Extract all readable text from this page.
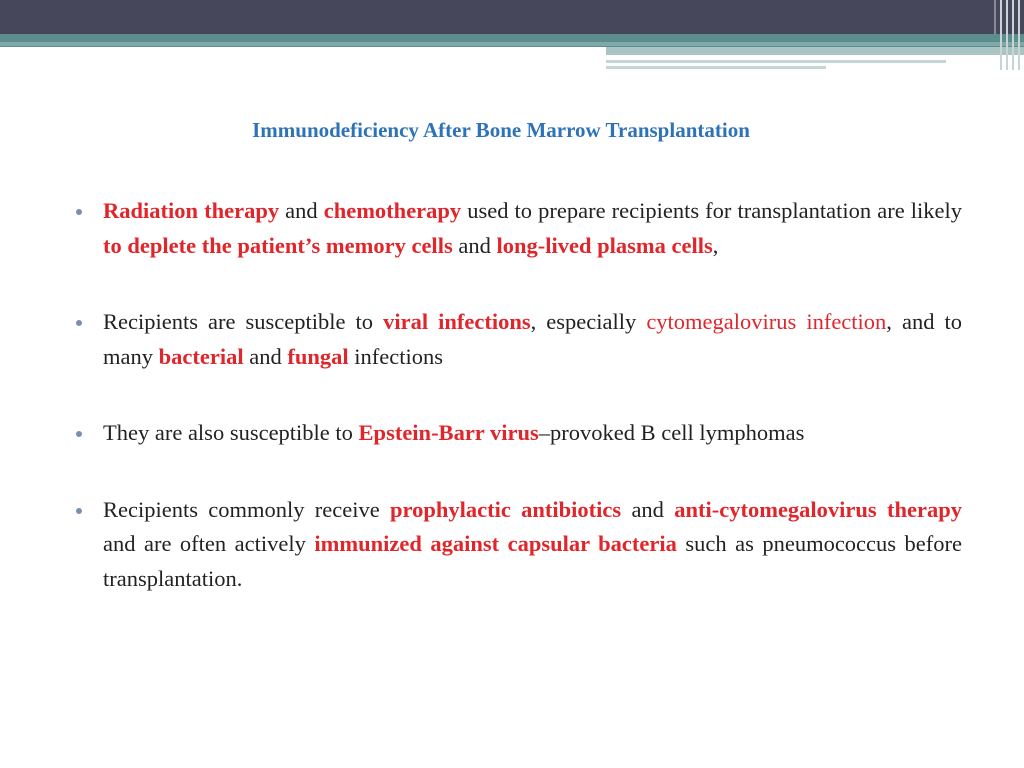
Immunodeficiency After Bone Marrow Transplantation
Radiation therapy and chemotherapy used to prepare recipients for transplantation are likely to deplete the patient’s memory cells and long-lived plasma cells,
Recipients are susceptible to viral infections, especially cytomegalovirus infection, and to many bacterial and fungal infections
They are also susceptible to Epstein-Barr virus–provoked B cell lymphomas
Recipients commonly receive prophylactic antibiotics and anti-cytomegalovirus therapy and are often actively immunized against capsular bacteria such as pneumococcus before transplantation.
